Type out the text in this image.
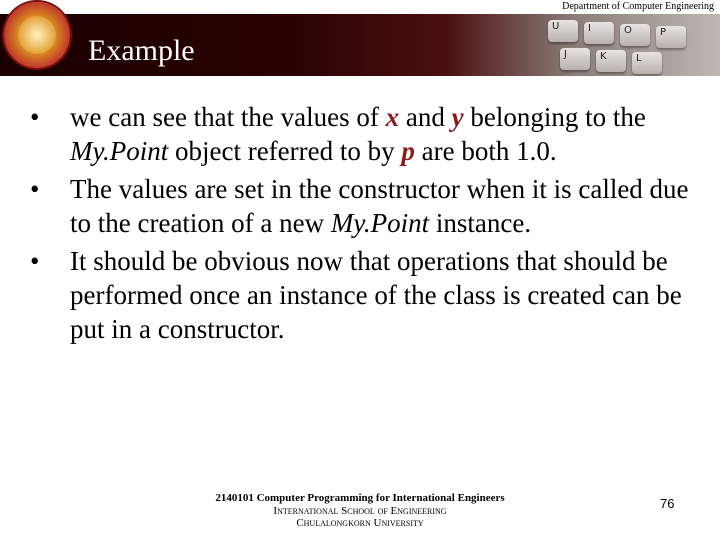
Department of Computer Engineering
U	I	O	P
J	K	L
Example
• we can see that the values of x and y belonging to the My.Point object referred to by p are both 1.0.
• The values are set in the constructor when it is called due to the creation of a new My.Point instance.
• It should be obvious now that operations that should be performed once an instance of the class is created can be put in a constructor.
2140101 Computer Programming for International Engineers
International School of Engineering
Chulalongkorn University
76
